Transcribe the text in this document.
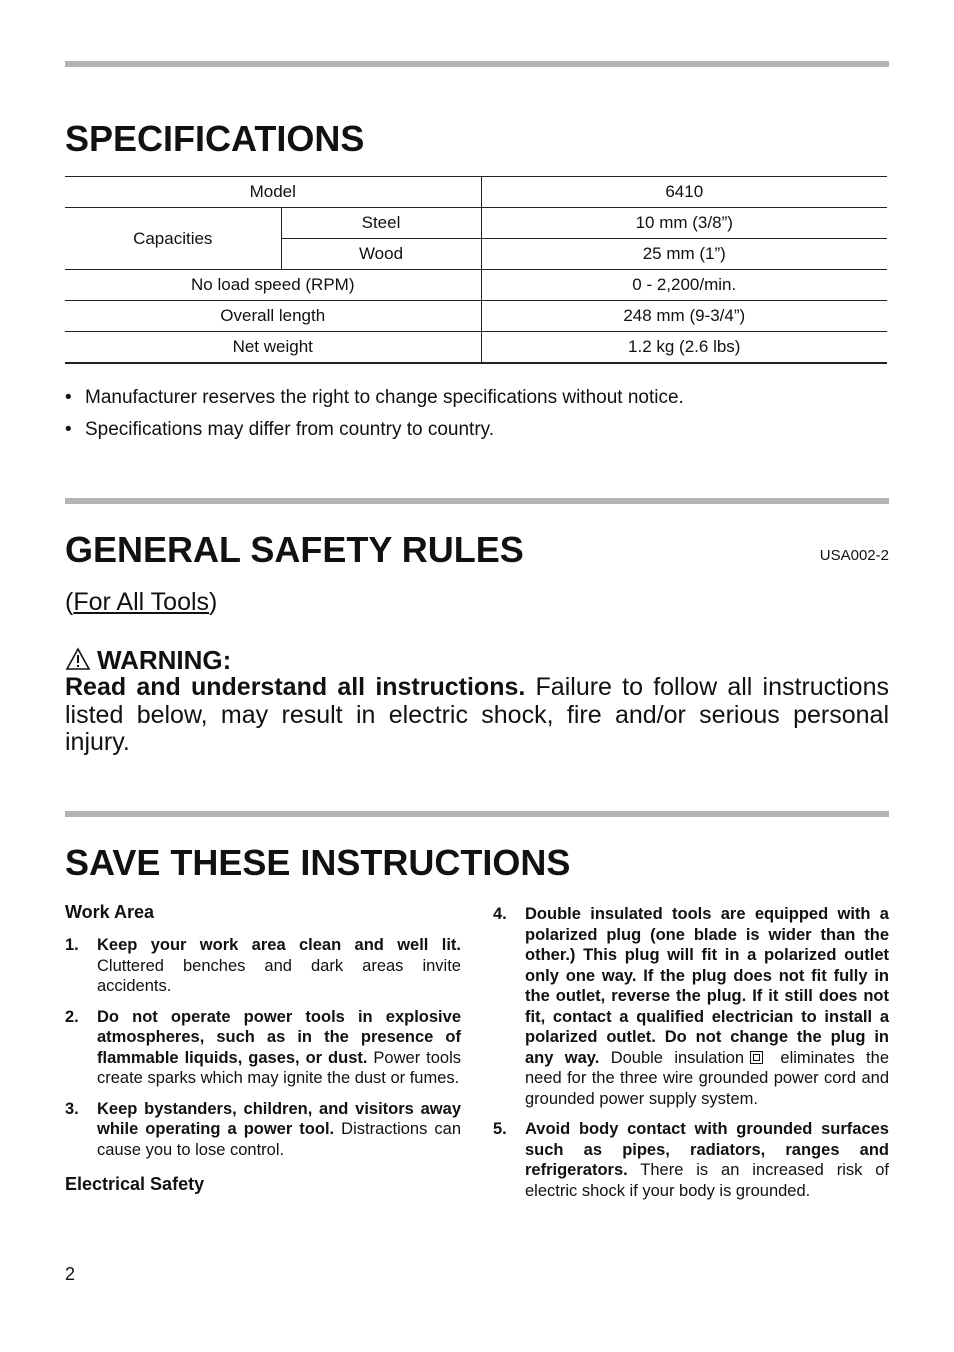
SPECIFICATIONS
Model		6410
Capacities	Steel	10 mm (3/8”)
	Wood	25 mm (1”)
No load speed (RPM)		0 - 2,200/min.
Overall length		248 mm (9-3/4”)
Net weight		1.2 kg (2.6 lbs)
• Manufacturer reserves the right to change specifications without notice.
• Specifications may differ from country to country.
GENERAL SAFETY RULES	USA002-2
(For All Tools)
WARNING:

Read and understand all instructions. Failure to follow all instructions listed below, may result in electric shock, fire and/or serious personal injury.

SAVE THESE INSTRUCTIONS
Work Area
1. Keep your work area clean and well lit. Cluttered benches and dark areas invite accidents.
2. Do not operate power tools in explosive atmospheres, such as in the presence of flammable liquids, gases, or dust. Power tools create sparks which may ignite the dust or fumes.
3. Keep bystanders, children, and visitors away while operating a power tool. Distractions can cause you to lose control.
Electrical Safety
4. Double insulated tools are equipped with a polarized plug (one blade is wider than the other.) This plug will fit in a polarized outlet only one way. If the plug does not fit fully in the outlet, reverse the plug. If it still does not fit, contact a qualified electrician to install a polarized outlet. Do not change the plug in any way. Double insulation eliminates the need for the three wire grounded power cord and grounded power supply system.
5. Avoid body contact with grounded surfaces such as pipes, radiators, ranges and refrigerators. There is an increased risk of electric shock if your body is grounded.
2
